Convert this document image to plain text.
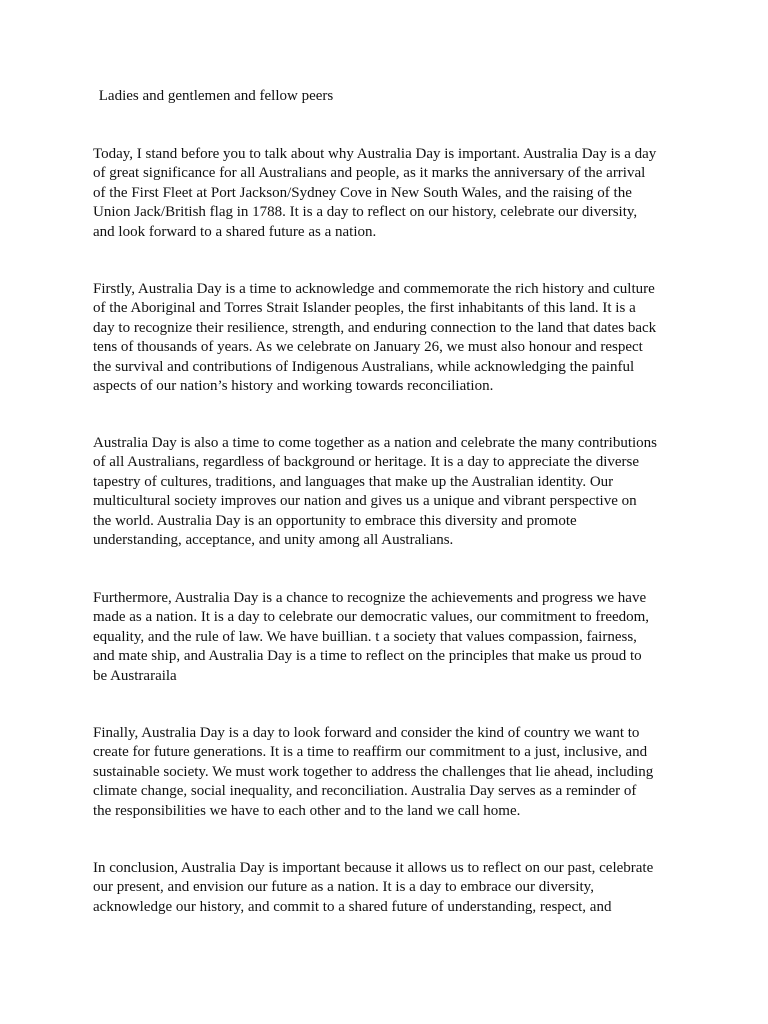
Ladies and gentlemen and fellow peers

Today, I stand before you to talk about why Australia Day is important. Australia Day is a day
of great significance for all Australians and people, as it marks the anniversary of the arrival
of the First Fleet at Port Jackson/Sydney Cove in New South Wales, and the raising of the
Union Jack/British flag in 1788. It is a day to reflect on our history, celebrate our diversity,
and look forward to a shared future as a nation.

Firstly, Australia Day is a time to acknowledge and commemorate the rich history and culture
of the Aboriginal and Torres Strait Islander peoples, the first inhabitants of this land. It is a
day to recognize their resilience, strength, and enduring connection to the land that dates back
tens of thousands of years. As we celebrate on January 26, we must also honour and respect
the survival and contributions of Indigenous Australians, while acknowledging the painful
aspects of our nation’s history and working towards reconciliation.

Australia Day is also a time to come together as a nation and celebrate the many contributions
of all Australians, regardless of background or heritage. It is a day to appreciate the diverse
tapestry of cultures, traditions, and languages that make up the Australian identity. Our
multicultural society improves our nation and gives us a unique and vibrant perspective on
the world. Australia Day is an opportunity to embrace this diversity and promote
understanding, acceptance, and unity among all Australians.

Furthermore, Australia Day is a chance to recognize the achievements and progress we have
made as a nation. It is a day to celebrate our democratic values, our commitment to freedom,
equality, and the rule of law. We have buillian. t a society that values compassion, fairness,
and mate ship, and Australia Day is a time to reflect on the principles that make us proud to
be Austraraila

Finally, Australia Day is a day to look forward and consider the kind of country we want to
create for future generations. It is a time to reaffirm our commitment to a just, inclusive, and
sustainable society. We must work together to address the challenges that lie ahead, including
climate change, social inequality, and reconciliation. Australia Day serves as a reminder of
the responsibilities we have to each other and to the land we call home.

In conclusion, Australia Day is important because it allows us to reflect on our past, celebrate
our present, and envision our future as a nation. It is a day to embrace our diversity,
acknowledge our history, and commit to a shared future of understanding, respect, and
